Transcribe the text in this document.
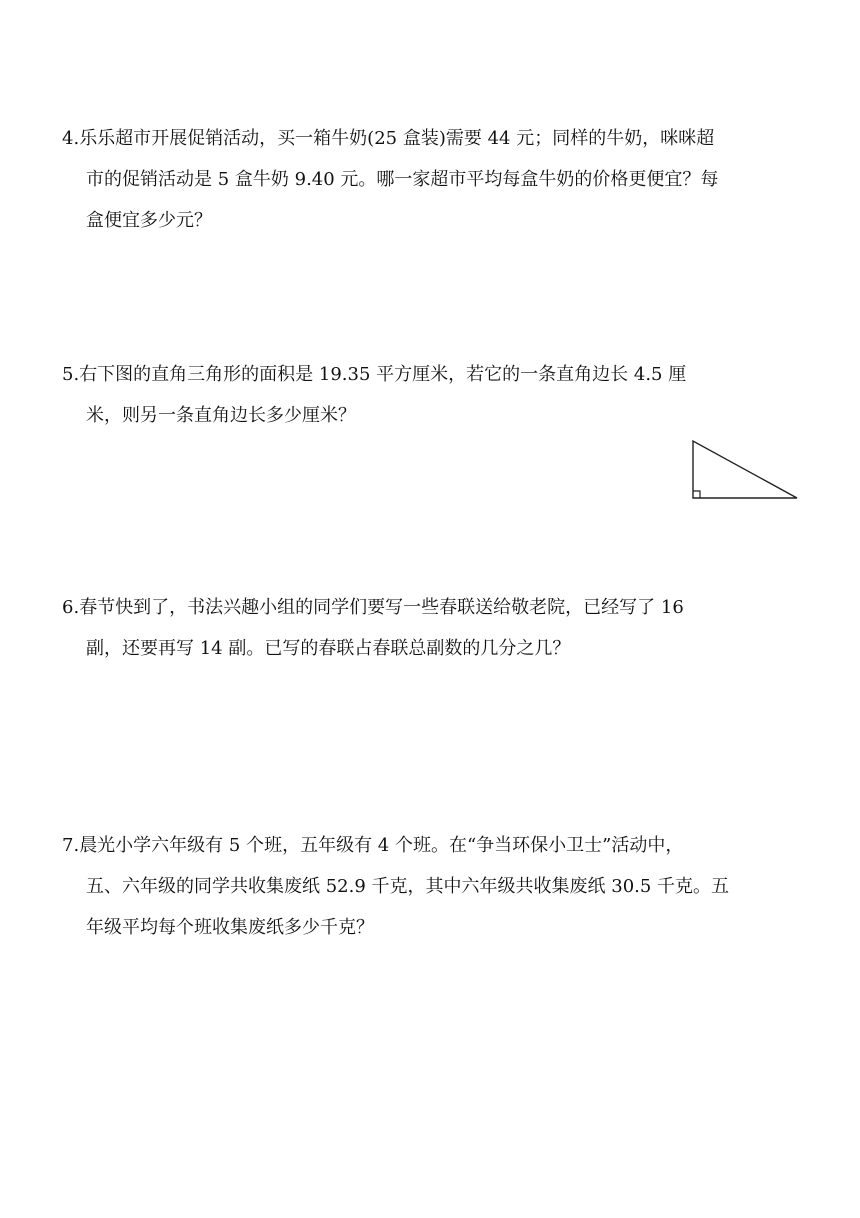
4.乐乐超市开展促销活动，买一箱牛奶(25 盒装)需要 44 元；同样的牛奶，咪咪超
市的促销活动是 5 盒牛奶 9.40 元。哪一家超市平均每盒牛奶的价格更便宜？每
盒便宜多少元？
5.右下图的直角三角形的面积是 19.35 平方厘米，若它的一条直角边长 4.5 厘
米，则另一条直角边长多少厘米？
6.春节快到了，书法兴趣小组的同学们要写一些春联送给敬老院，已经写了 16
副，还要再写 14 副。已写的春联占春联总副数的几分之几？
7.晨光小学六年级有 5 个班，五年级有 4 个班。在“争当环保小卫士”活动中，
五、六年级的同学共收集废纸 52.9 千克，其中六年级共收集废纸 30.5 千克。五
年级平均每个班收集废纸多少千克？
